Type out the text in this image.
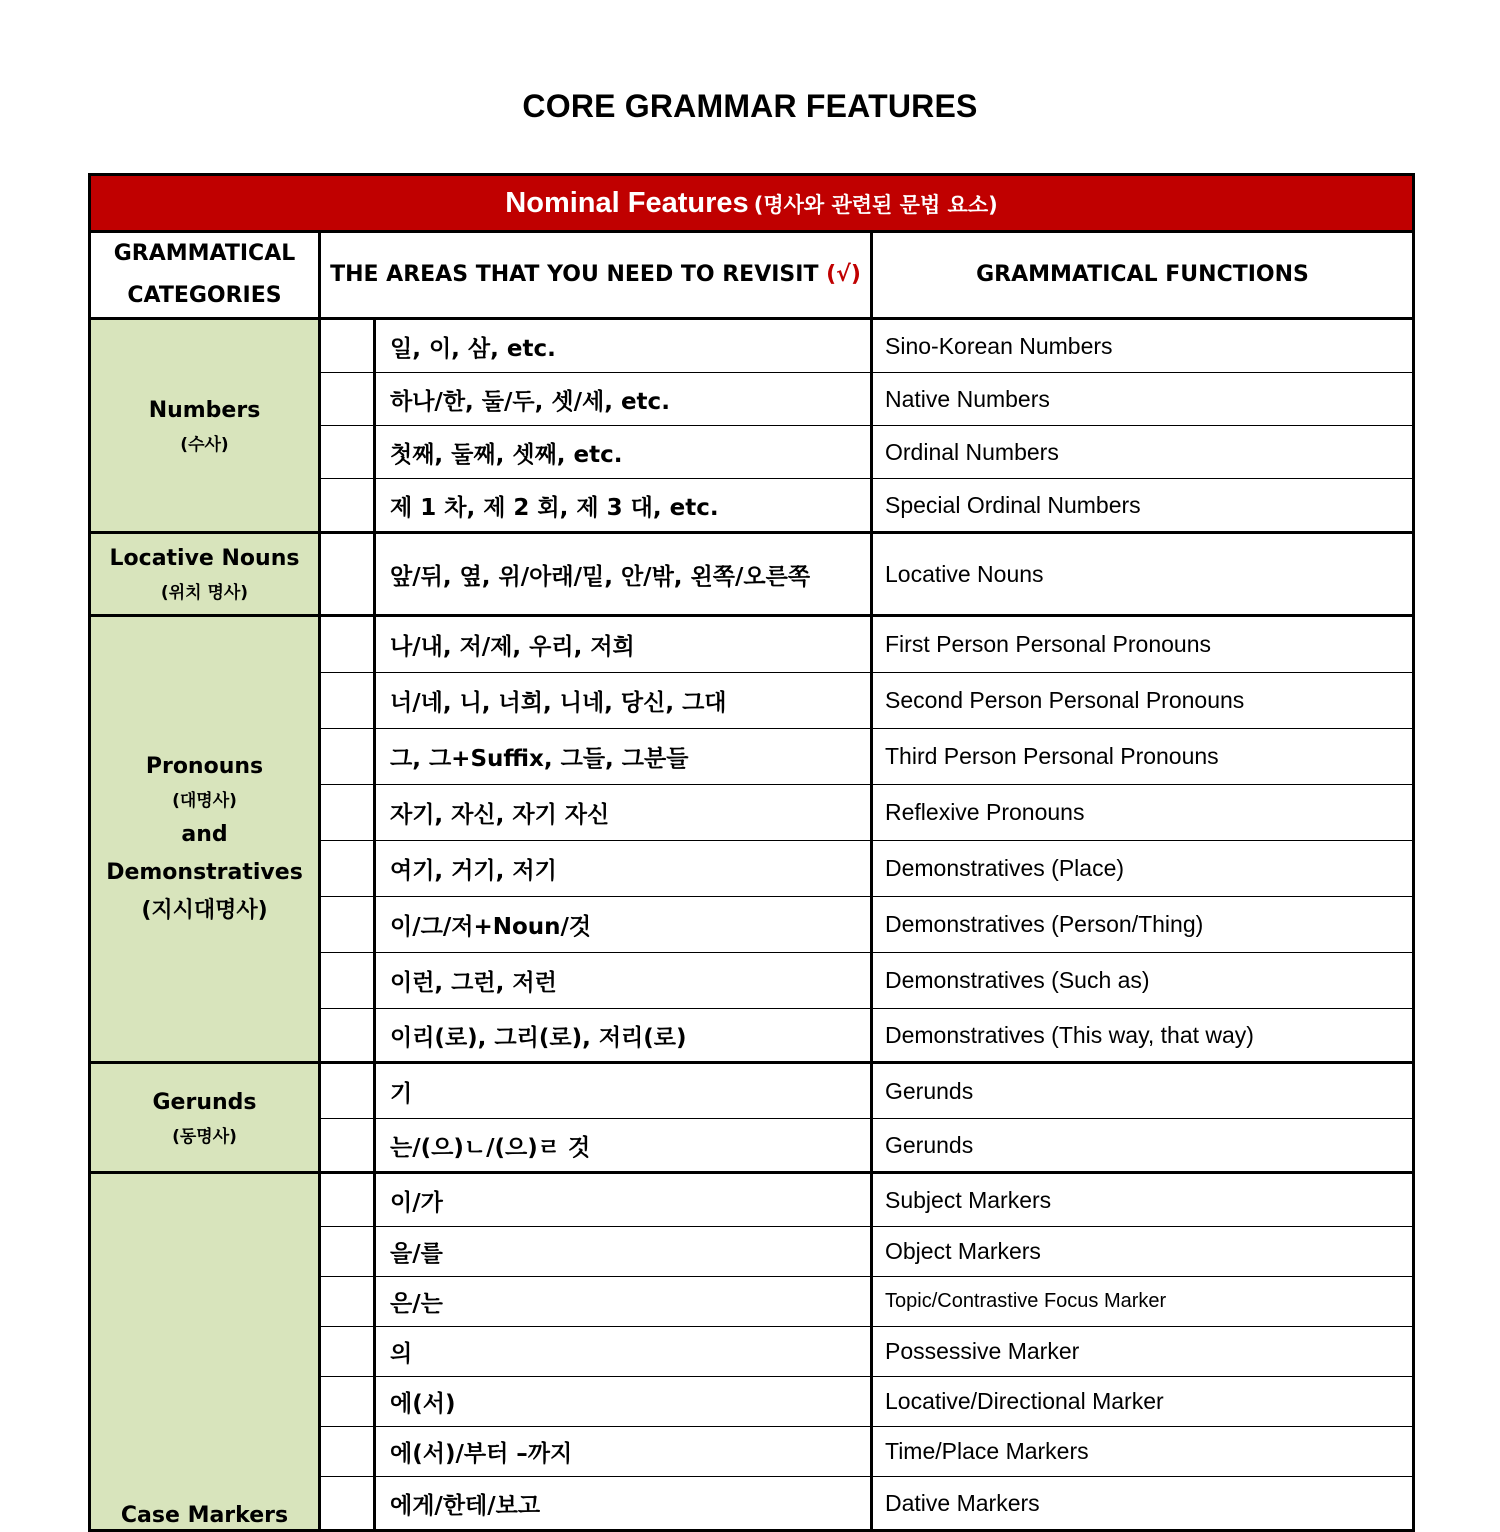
CORE GRAMMAR FEATURES
Nominal Features (명사와 관련된 문법 요소)			

GRAMMATICAL
CATEGORIES	THE AREAS THAT YOU NEED TO REVISIT (√)		GRAMMATICAL FUNCTIONS

Numbers
(수사)		일, 이, 삼, etc.	Sino-Korean Numbers
		하나/한, 둘/두, 셋/세, etc.	Native Numbers
		첫째, 둘째, 셋째, etc.	Ordinal Numbers
		제 1 차, 제 2 회, 제 3 대, etc.	Special Ordinal Numbers

Locative Nouns
(위치 명사)		앞/뒤, 옆, 위/아래/밑, 안/밖, 왼쪽/오른쪽	Locative Nouns

Pronouns
(대명사)
and
Demonstratives
(지시대명사)		나/내, 저/제, 우리, 저희	First Person Personal Pronouns
		너/네, 니, 너희, 니네, 당신, 그대	Second Person Personal Pronouns
		그, 그+Suffix, 그들, 그분들	Third Person Personal Pronouns
		자기, 자신, 자기 자신	Reflexive Pronouns
		여기, 거기, 저기	Demonstratives (Place)
		이/그/저+Noun/것	Demonstratives (Person/Thing)
		이런, 그런, 저런	Demonstratives (Such as)
		이리(로), 그리(로), 저리(로)	Demonstratives (This way, that way)

Gerunds
(동명사)		기	Gerunds
		는/(으)ㄴ/(으)ㄹ 것	Gerunds

Case Markers		이/가	Subject Markers
		을/를	Object Markers
		은/는	Topic/Contrastive Focus Marker
		의	Possessive Marker
		에(서)	Locative/Directional Marker
		에(서)/부터 –까지	Time/Place Markers
		에게/한테/보고	Dative Markers
